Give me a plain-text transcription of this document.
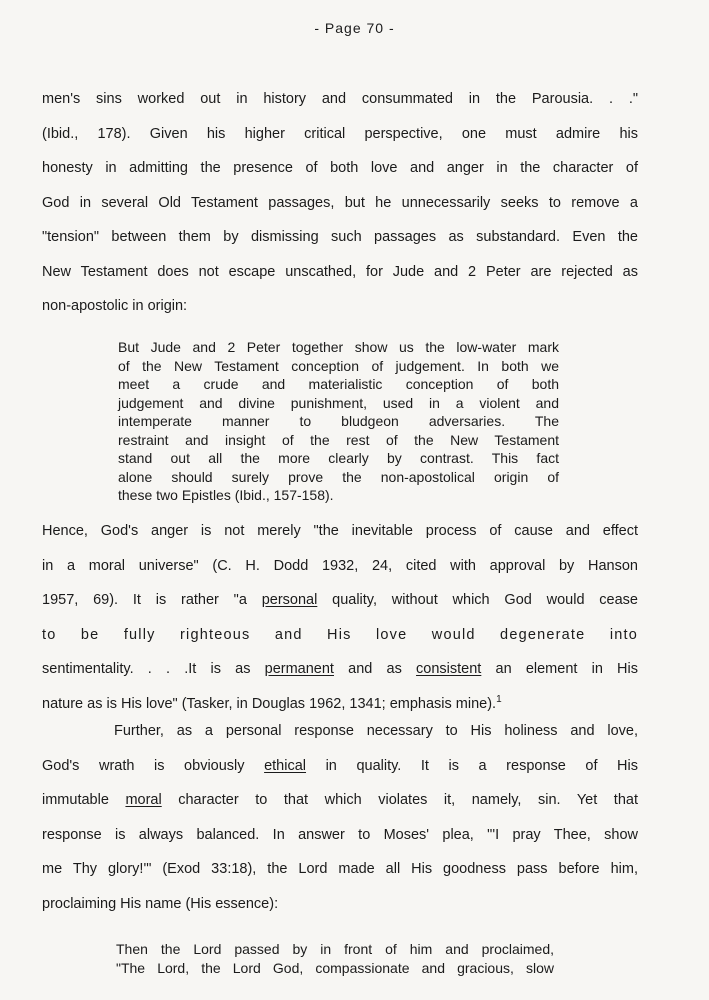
- Page 70 -
men's sins worked out in history and consummated in the Parousia. . ."
(Ibid., 178). Given his higher critical perspective, one must admire his
honesty in admitting the presence of both love and anger in the character of
God in several Old Testament passages, but he unnecessarily seeks to remove a
"tension" between them by dismissing such passages as substandard. Even the
New Testament does not escape unscathed, for Jude and 2 Peter are rejected as
non-apostolic in origin:
But Jude and 2 Peter together show us the low-water mark
of the New Testament conception of judgement. In both we
meet a crude and materialistic conception of both
judgement and divine punishment, used in a violent and
intemperate manner to bludgeon adversaries. The
restraint and insight of the rest of the New Testament
stand out all the more clearly by contrast. This fact
alone should surely prove the non-apostolical origin of
these two Epistles (Ibid., 157-158).
Hence, God's anger is not merely "the inevitable process of cause and effect
in a moral universe" (C. H. Dodd 1932, 24, cited with approval by Hanson
1957, 69). It is rather "a personal quality, without which God would cease
to be fully righteous and His love would degenerate into
sentimentality. . . .It is as permanent and as consistent an element in His
nature as is His love" (Tasker, in Douglas 1962, 1341; emphasis mine).$^1$
Further, as a personal response necessary to His holiness and love,
God's wrath is obviously ethical in quality. It is a response of His
immutable moral character to that which violates it, namely, sin. Yet that
response is always balanced. In answer to Moses' plea, "'I pray Thee, show
me Thy glory!'" (Exod 33:18), the Lord made all His goodness pass before him,
proclaiming His name (His essence):
Then the Lord passed by in front of him and proclaimed,
"The Lord, the Lord God, compassionate and gracious, slow
